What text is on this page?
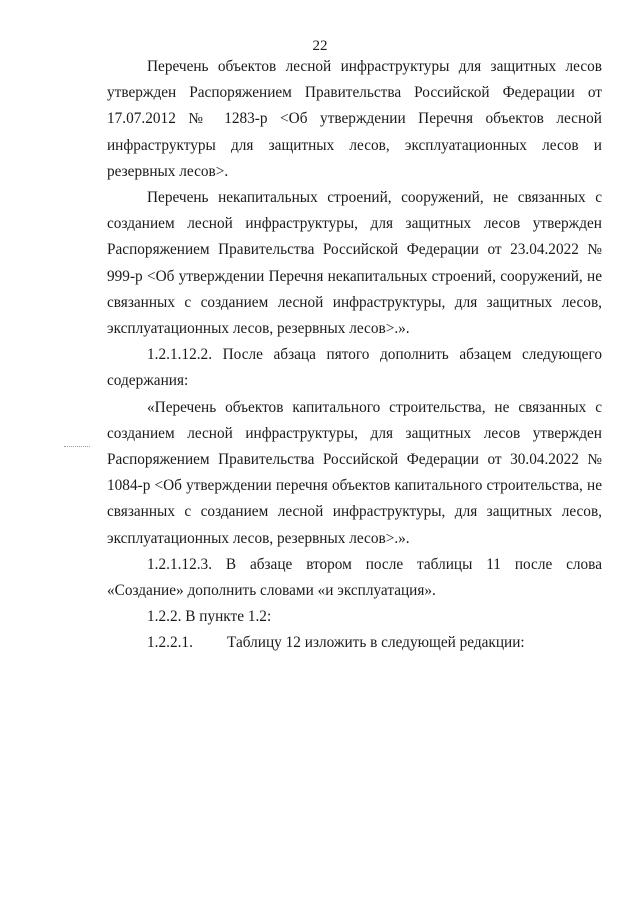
22

Перечень объектов лесной инфраструктуры для защитных лесов утвержден Распоряжением Правительства Российской Федерации от 17.07.2012 № 1283-р <Об утверждении Перечня объектов лесной инфраструктуры для защитных лесов, эксплуатационных лесов и резервных лесов>.

Перечень некапитальных строений, сооружений, не связанных с созданием лесной инфраструктуры, для защитных лесов утвержден Распоряжением Правительства Российской Федерации от 23.04.2022 № 999-р <Об утверждении Перечня некапитальных строений, сооружений, не связанных с созданием лесной инфраструктуры, для защитных лесов, эксплуатационных лесов, резервных лесов>.».

1.2.1.12.2. После абзаца пятого дополнить абзацем следующего содержания:

«Перечень объектов капитального строительства, не связанных с созданием лесной инфраструктуры, для защитных лесов утвержден Распоряжением Правительства Российской Федерации от 30.04.2022 № 1084-р <Об утверждении перечня объектов капитального строительства, не связанных с созданием лесной инфраструктуры, для защитных лесов, эксплуатационных лесов, резервных лесов>.».

1.2.1.12.3. В абзаце втором после таблицы 11 после слова «Создание» дополнить словами «и эксплуатация».

1.2.2. В пункте 1.2:

1.2.2.1. Таблицу 12 изложить в следующей редакции:
